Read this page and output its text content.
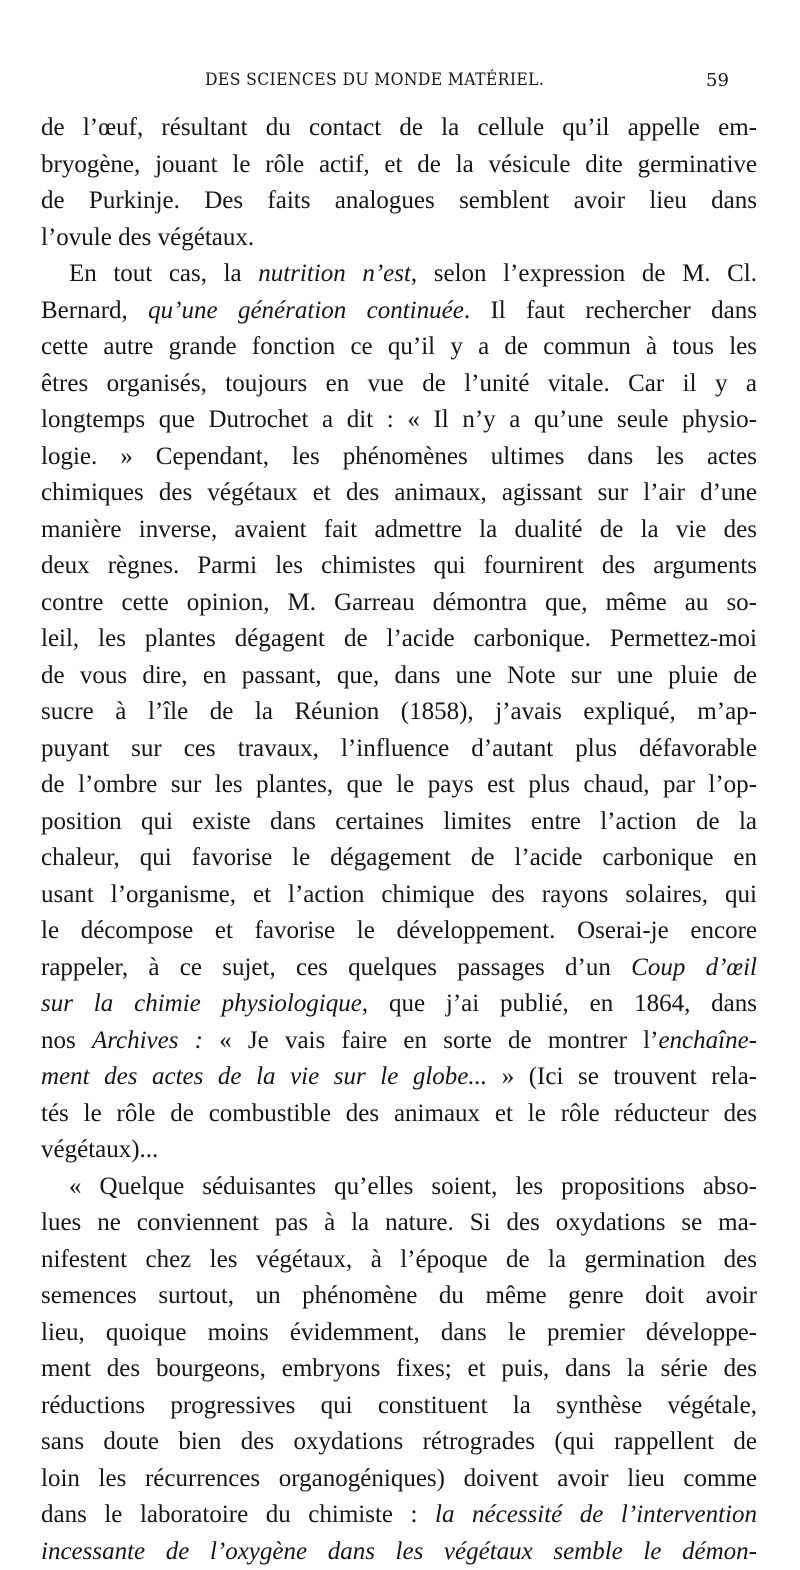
DES SCIENCES DU MONDE MATÉRIEL.	59
de l’œuf, résultant du contact de la cellule qu’il appelle em-
bryogène, jouant le rôle actif, et de la vésicule dite germinative
de Purkinje. Des faits analogues semblent avoir lieu dans
l’ovule des végétaux.
En tout cas, la nutrition n’est, selon l’expression de M. Cl.
Bernard, qu’une génération continuée. Il faut rechercher dans
cette autre grande fonction ce qu’il y a de commun à tous les
êtres organisés, toujours en vue de l’unité vitale. Car il y a
longtemps que Dutrochet a dit : « Il n’y a qu’une seule physio-
logie. » Cependant, les phénomènes ultimes dans les actes
chimiques des végétaux et des animaux, agissant sur l’air d’une
manière inverse, avaient fait admettre la dualité de la vie des
deux règnes. Parmi les chimistes qui fournirent des arguments
contre cette opinion, M. Garreau démontra que, même au so-
leil, les plantes dégagent de l’acide carbonique. Permettez-moi
de vous dire, en passant, que, dans une Note sur une pluie de
sucre à l’île de la Réunion (1858), j’avais expliqué, m’ap-
puyant sur ces travaux, l’influence d’autant plus défavorable
de l’ombre sur les plantes, que le pays est plus chaud, par l’op-
position qui existe dans certaines limites entre l’action de la
chaleur, qui favorise le dégagement de l’acide carbonique en
usant l’organisme, et l’action chimique des rayons solaires, qui
le décompose et favorise le développement. Oserai-je encore
rappeler, à ce sujet, ces quelques passages d’un Coup d’œil
sur la chimie physiologique, que j’ai publié, en 1864, dans
nos Archives : « Je vais faire en sorte de montrer l’enchaîne-
ment des actes de la vie sur le globe... » (Ici se trouvent rela-
tés le rôle de combustible des animaux et le rôle réducteur des
végétaux)...
« Quelque séduisantes qu’elles soient, les propositions abso-
lues ne conviennent pas à la nature. Si des oxydations se ma-
nifestent chez les végétaux, à l’époque de la germination des
semences surtout, un phénomène du même genre doit avoir
lieu, quoique moins évidemment, dans le premier développe-
ment des bourgeons, embryons fixes; et puis, dans la série des
réductions progressives qui constituent la synthèse végétale,
sans doute bien des oxydations rétrogrades (qui rappellent de
loin les récurrences organogéniques) doivent avoir lieu comme
dans le laboratoire du chimiste : la nécessité de l’intervention
incessante de l’oxygène dans les végétaux semble le démon-
